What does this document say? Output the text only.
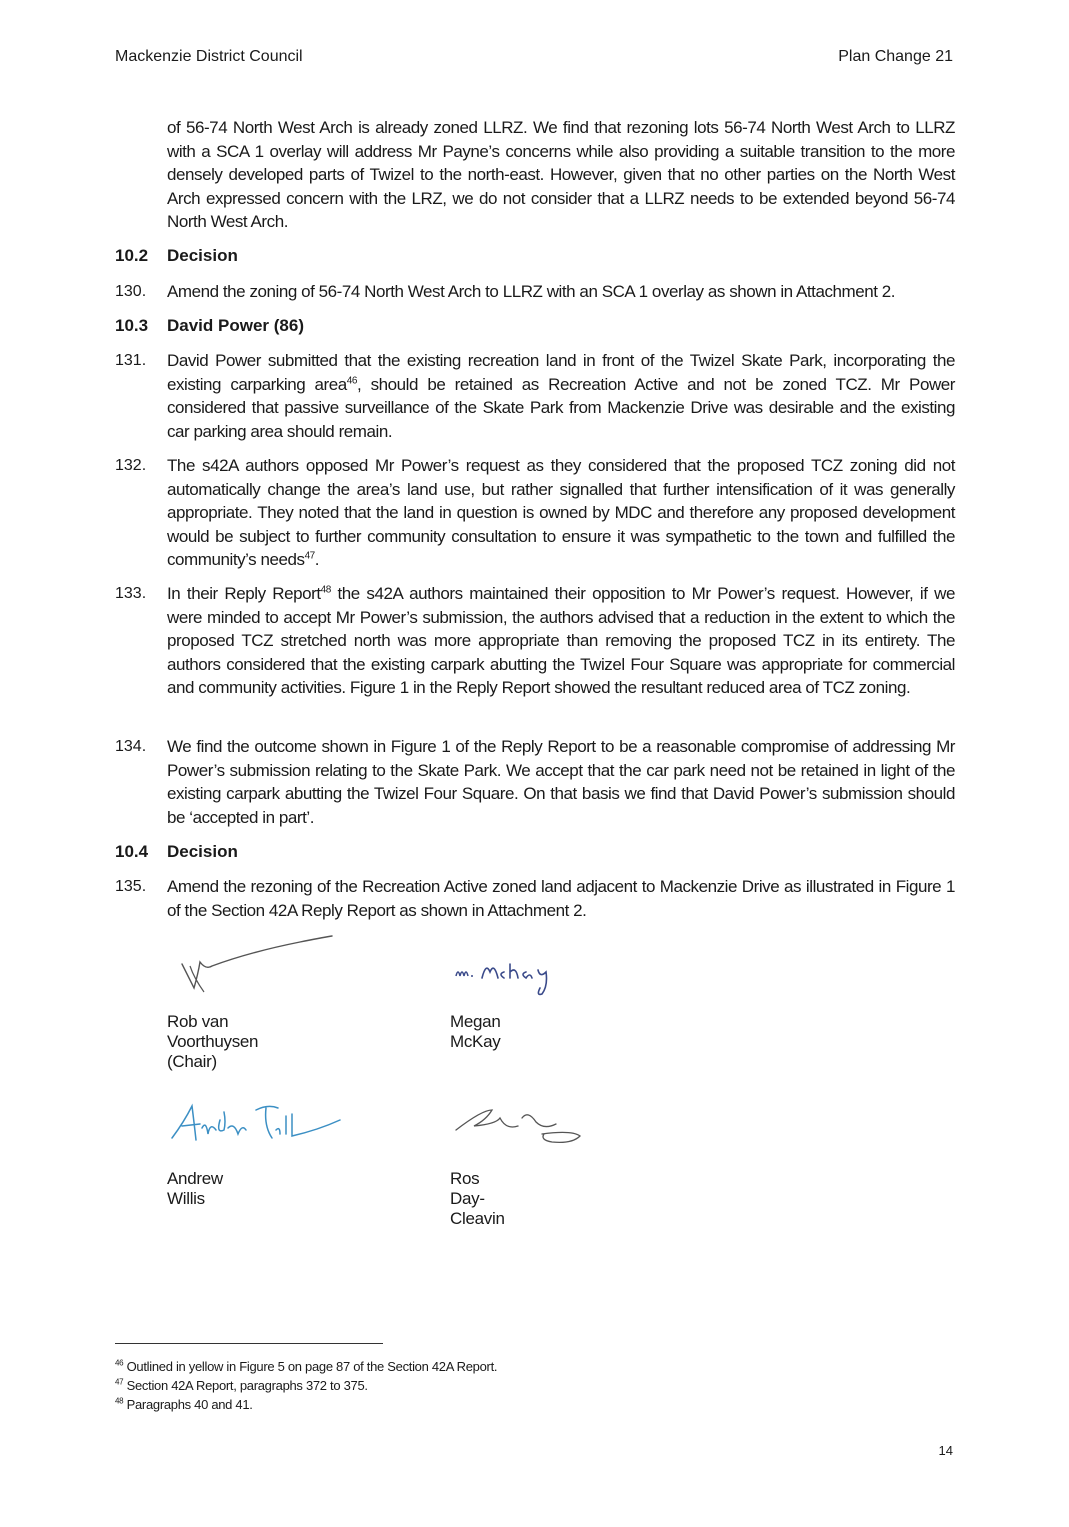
Mackenzie District Council	Plan Change 21

of 56-74 North West Arch is already zoned LLRZ. We find that rezoning lots 56-74 North West Arch to LLRZ with a SCA 1 overlay will address Mr Payne’s concerns while also providing a suitable transition to the more densely developed parts of Twizel to the north-east. However, given that no other parties on the North West Arch expressed concern with the LRZ, we do not consider that a LLRZ needs to be extended beyond 56-74 North West Arch.

10.2 Decision

130. Amend the zoning of 56-74 North West Arch to LLRZ with an SCA 1 overlay as shown in Attachment 2.

10.3 David Power (86)

131. David Power submitted that the existing recreation land in front of the Twizel Skate Park, incorporating the existing carparking area$^{46}$, should be retained as Recreation Active and not be zoned TCZ. Mr Power considered that passive surveillance of the Skate Park from Mackenzie Drive was desirable and the existing car parking area should remain.

132. The s42A authors opposed Mr Power’s request as they considered that the proposed TCZ zoning did not automatically change the area’s land use, but rather signalled that further intensification of it was generally appropriate. They noted that the land in question is owned by MDC and therefore any proposed development would be subject to further community consultation to ensure it was sympathetic to the town and fulfilled the community’s needs$^{47}$.

133. In their Reply Report$^{48}$ the s42A authors maintained their opposition to Mr Power’s request. However, if we were minded to accept Mr Power’s submission, the authors advised that a reduction in the extent to which the proposed TCZ stretched north was more appropriate than removing the proposed TCZ in its entirety. The authors considered that the existing carpark abutting the Twizel Four Square was appropriate for commercial and community activities. Figure 1 in the Reply Report showed the resultant reduced area of TCZ zoning.

134. We find the outcome shown in Figure 1 of the Reply Report to be a reasonable compromise of addressing Mr Power’s submission relating to the Skate Park. We accept that the car park need not be retained in light of the existing carpark abutting the Twizel Four Square. On that basis we find that David Power’s submission should be ‘accepted in part’.

10.4 Decision

135. Amend the rezoning of the Recreation Active zoned land adjacent to Mackenzie Drive as illustrated in Figure 1 of the Section 42A Reply Report as shown in Attachment 2.

Rob van Voorthuysen (Chair)
Megan McKay
Andrew Willis
Ros Day- Cleavin
$^{46}$ Outlined in yellow in Figure 5 on page 87 of the Section 42A Report.
$^{47}$ Section 42A Report, paragraphs 372 to 375.
$^{48}$ Paragraphs 40 and 41.
14
